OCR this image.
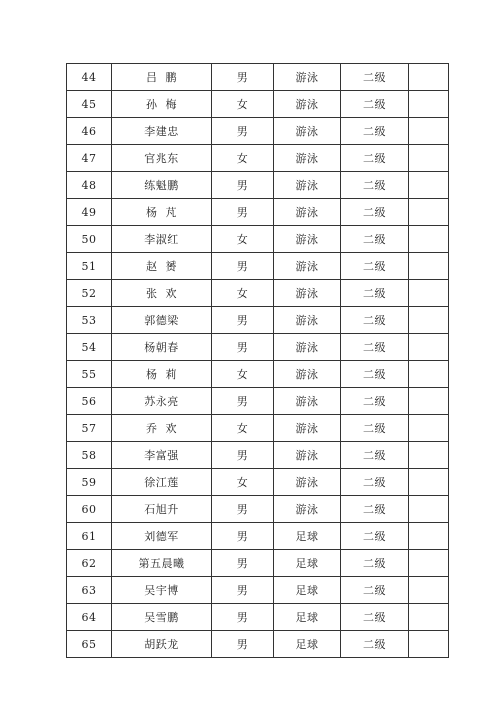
44	吕  鹏	男	游泳	二级	
45	孙  梅	女	游泳	二级	
46	李建忠	男	游泳	二级	
47	官兆东	女	游泳	二级	
48	练魁鹏	男	游泳	二级	
49	杨  芃	男	游泳	二级	
50	李淑红	女	游泳	二级	
51	赵  赟	男	游泳	二级	
52	张  欢	女	游泳	二级	
53	郭德梁	男	游泳	二级	
54	杨朝春	男	游泳	二级	
55	杨  莉	女	游泳	二级	
56	苏永亮	男	游泳	二级	
57	乔  欢	女	游泳	二级	
58	李富强	男	游泳	二级	
59	徐江莲	女	游泳	二级	
60	石旭升	男	游泳	二级	
61	刘德军	男	足球	二级	
62	第五晨曦	男	足球	二级	
63	吴宇博	男	足球	二级	
64	吴雪鹏	男	足球	二级	
65	胡跃龙	男	足球	二级	
